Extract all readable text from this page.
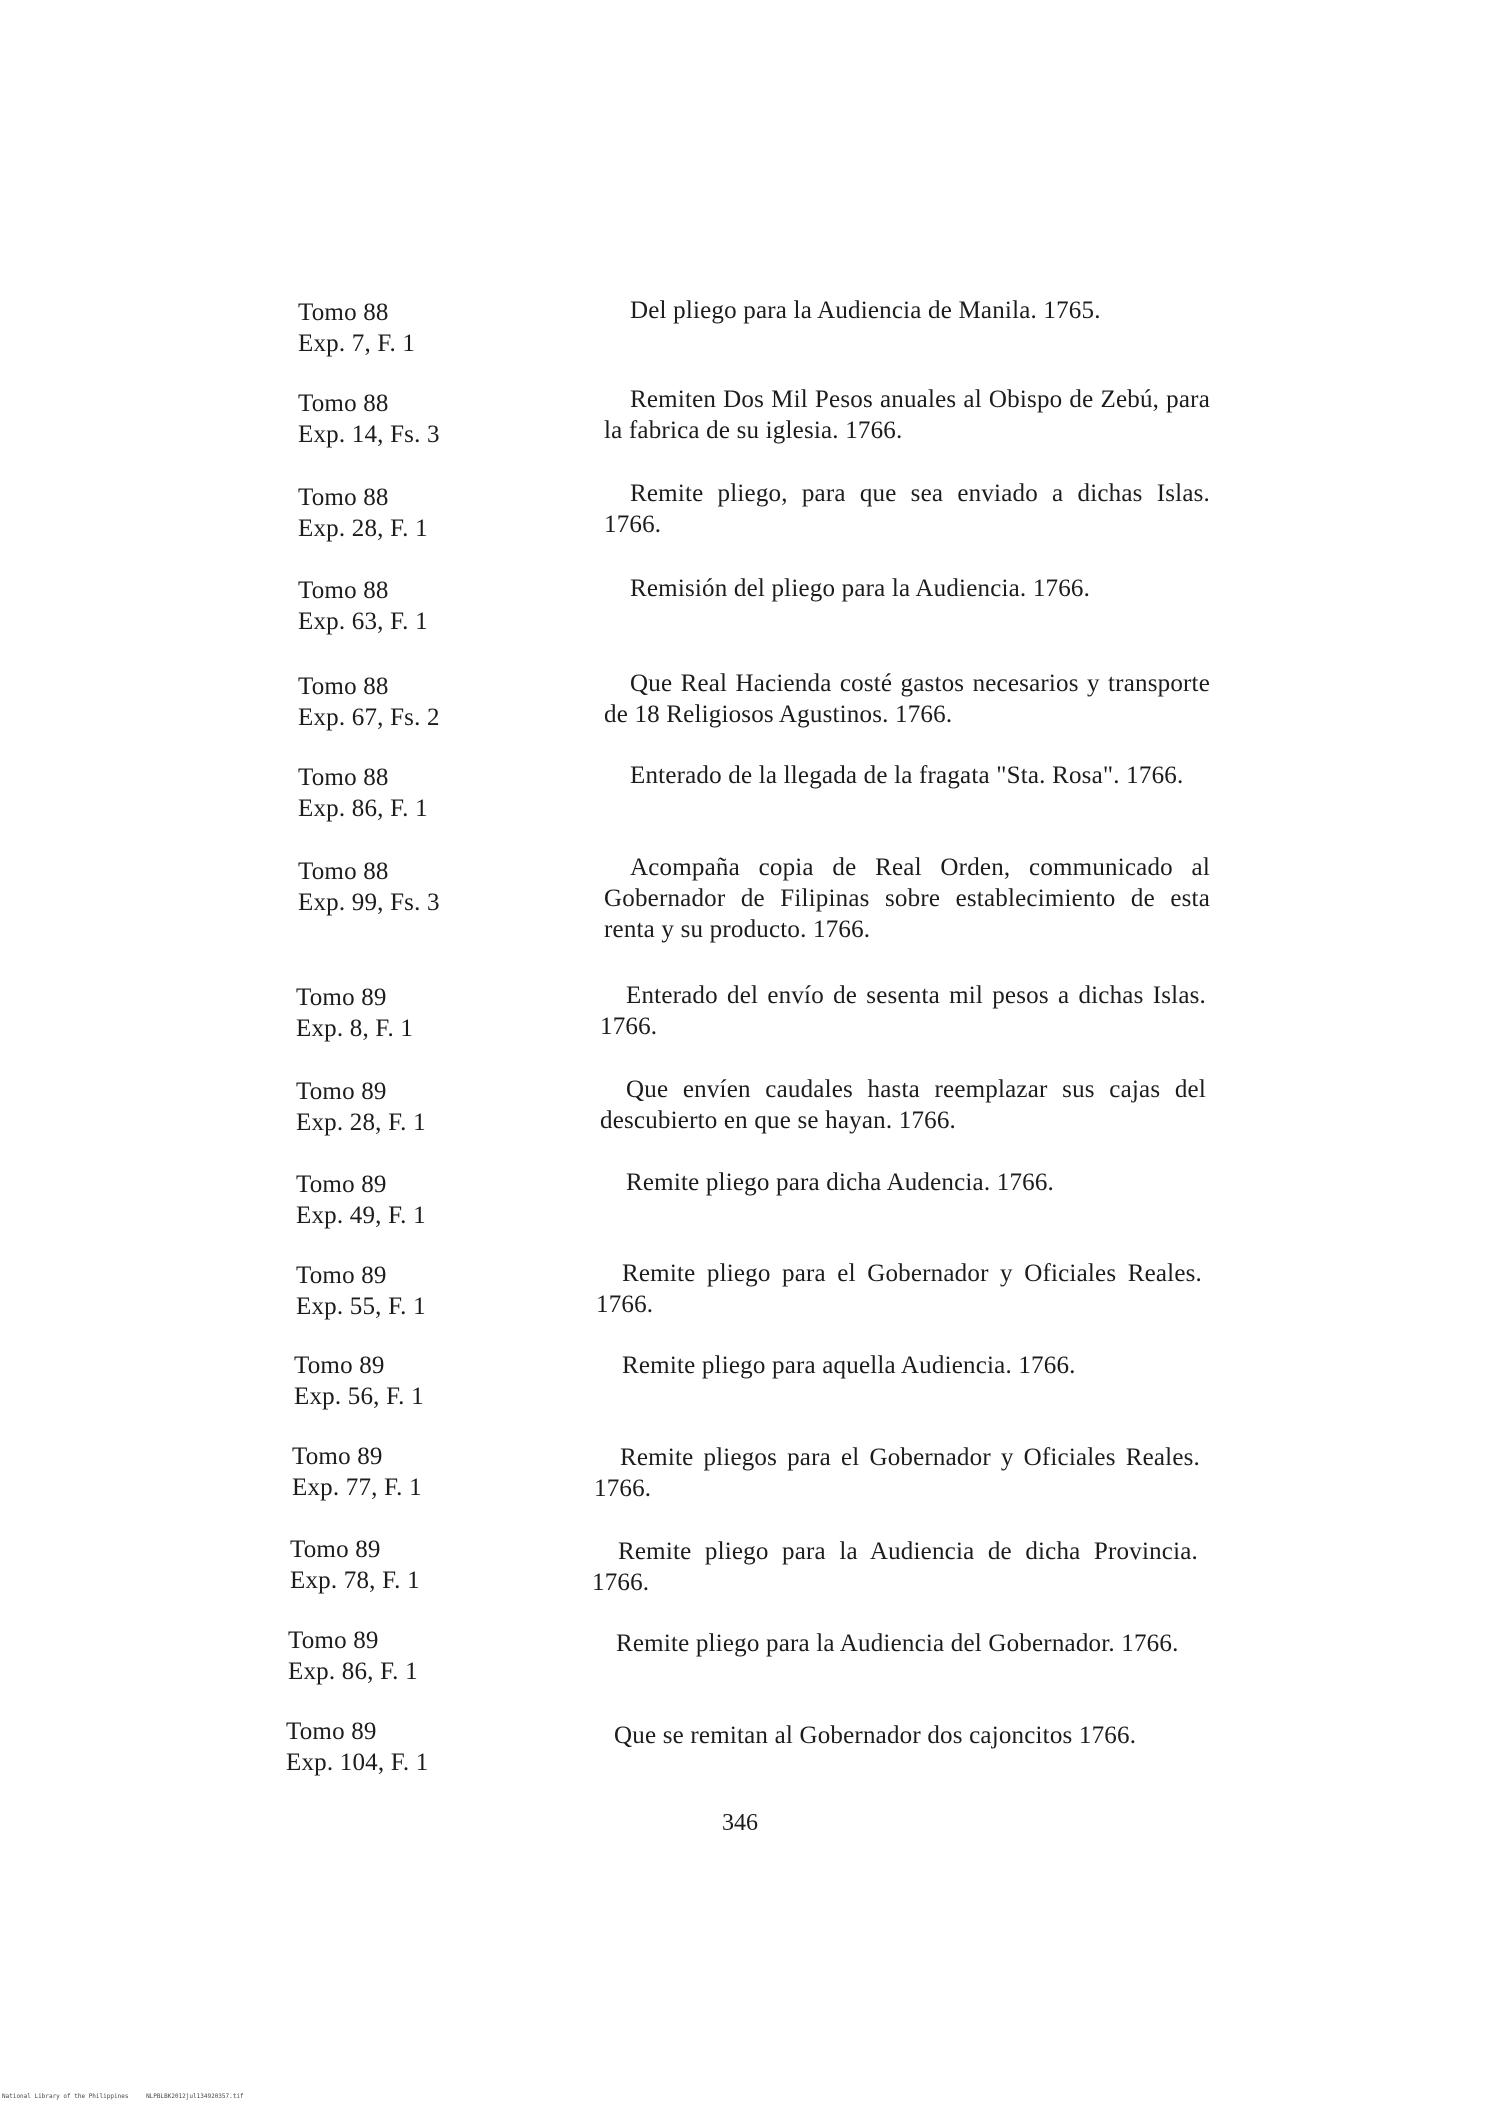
Tomo 88
Exp. 7, F. 1
Del pliego para la Audiencia de Manila. 1765.
Tomo 88
Exp. 14, Fs. 3
Remiten Dos Mil Pesos anuales al Obispo de Zebú, para la fabrica de su iglesia. 1766.
Tomo 88
Exp. 28, F. 1
Remite pliego, para que sea enviado a dichas Islas. 1766.
Tomo 88
Exp. 63, F. 1
Remisión del pliego para la Audiencia. 1766.
Tomo 88
Exp. 67, Fs. 2
Que Real Hacienda costé gastos necesarios y transporte de 18 Religiosos Agustinos. 1766.
Tomo 88
Exp. 86, F. 1
Enterado de la llegada de la fragata "Sta. Rosa". 1766.
Tomo 88
Exp. 99, Fs. 3
Acompaña copia de Real Orden, communicado al Gobernador de Filipinas sobre establecimiento de esta renta y su producto. 1766.
Tomo 89
Exp. 8, F. 1
Enterado del envío de sesenta mil pesos a dichas Islas. 1766.
Tomo 89
Exp. 28, F. 1
Que envíen caudales hasta reemplazar sus cajas del descubierto en que se hayan. 1766.
Tomo 89
Exp. 49, F. 1
Remite pliego para dicha Audencia. 1766.
Tomo 89
Exp. 55, F. 1
Remite pliego para el Gobernador y Oficiales Reales. 1766.
Tomo 89
Exp. 56, F. 1
Remite pliego para aquella Audiencia. 1766.
Tomo 89
Exp. 77, F. 1
Remite pliegos para el Gobernador y Oficiales Reales. 1766.
Tomo 89
Exp. 78, F. 1
Remite pliego para la Audiencia de dicha Provincia. 1766.
Tomo 89
Exp. 86, F. 1
Remite pliego para la Audiencia del Gobernador. 1766.
Tomo 89
Exp. 104, F. 1
Que se remitan al Gobernador dos cajoncitos 1766.
346
National Library of the Philippines	NLPBLBK2012jul134920357.tif
